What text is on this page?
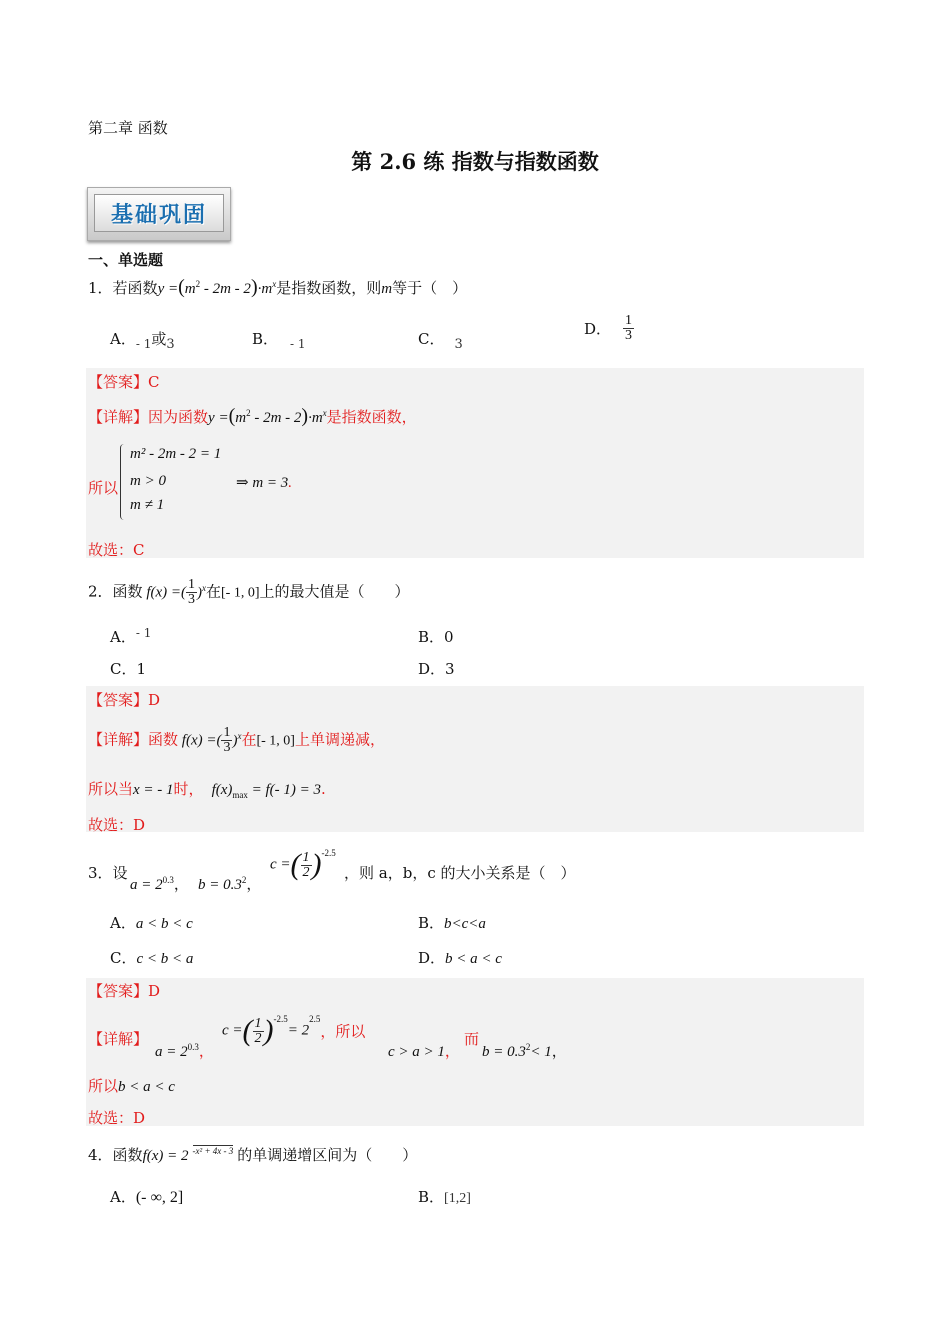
第二章 函数
第 2.6 练 指数与指数函数
基础巩固
一、单选题
1．若函数$y =(m^2 - 2m - 2)\cdot m^x$是指数函数，则m等于（　）
A．$_{- 1}$或$_3$	B． $_{- 1}$	C． $_3$
D． $\frac{1}{3}$
【答案】C
【详解】因为函数$y =(m^2 - 2m - 2)\cdot m^x$是指数函数，
所以
m² - 2m - 2 = 1
m > 0
m ≠ 1
⇒ m = 3.
故选：C
2．函数 f(x) =( $\frac{1}{3} )^x$在[- 1, 0]上的最大值是（　　）
A．$^{- 1}$	B．0
C．1	D．3
【答案】D
【详解】函数 f(x) =( $\frac{1}{3} )^x$在[- 1, 0]上单调递减，
所以当x = - 1时， $f(x)_{max} = f(-$ 1) = 3.
故选：D
3．设
$a = 2^{0.3}$， $b = 0.3^2$，
c =( $\frac{1}{2} )^{-2.5}$
，则 a，b，c 的大小关系是（　）
A．a < b < c	B．b<c<a
C．c < b < a	D．b < a < c
【答案】D
【详解】
$a = 2^{0.3}$，
c =( $\frac{1}{2} )^{-2.5}= 2^{2.5}$，所以
c > a > 1，
而
$b = 0.3^2< 1$，
所以b < a < c
故选：D
4．函数f(x) = 2 $^{-x^2 + 4x - 3}$ 的单调递增区间为（　　）
A．(- ∞, 2]	B．[1,2]
